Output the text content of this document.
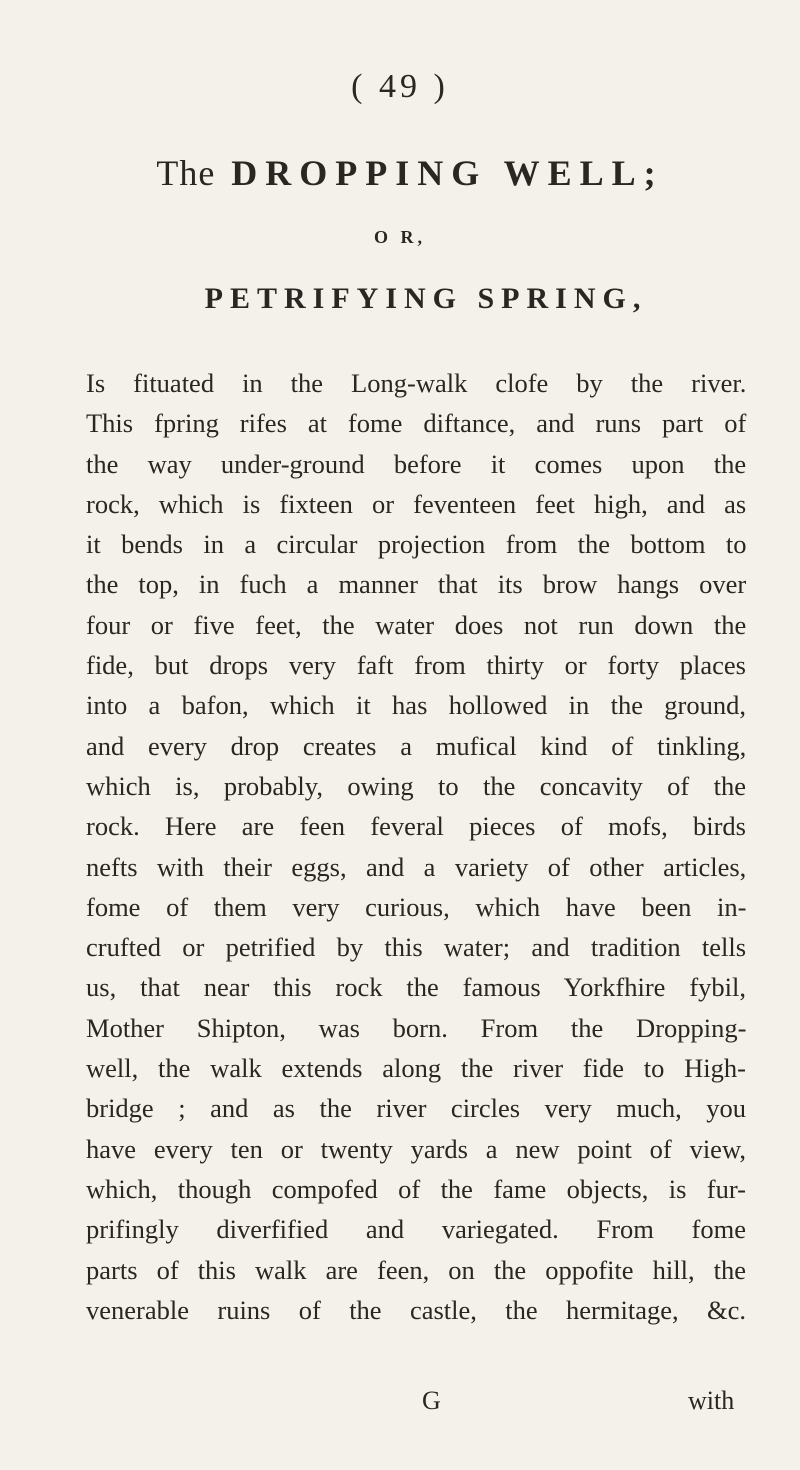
( 49 )
The DROPPING WELL;
O R,
PETRIFYING SPRING,
Is fituated in the Long-walk clofe by the river.
This fpring rifes at fome diftance, and runs part of
the way under-ground before it comes upon the
rock, which is fixteen or feventeen feet high, and as
it bends in a circular projection from the bottom to
the top, in fuch a manner that its brow hangs over
four or five feet, the water does not run down the
fide, but drops very faft from thirty or forty places
into a bafon, which it has hollowed in the ground,
and every drop creates a mufical kind of tinkling,
which is, probably, owing to the concavity of the
rock. Here are feen feveral pieces of mofs, birds
nefts with their eggs, and a variety of other articles,
fome of them very curious, which have been in-
crufted or petrified by this water; and tradition tells
us, that near this rock the famous Yorkfhire fybil,
Mother Shipton, was born. From the Dropping-
well, the walk extends along the river fide to High-
bridge ; and as the river circles very much, you
have every ten or twenty yards a new point of view,
which, though compofed of the fame objects, is fur-
prifingly diverfified and variegated. From fome
parts of this walk are feen, on the oppofite hill, the
venerable ruins of the castle, the hermitage, &c.
G	with
